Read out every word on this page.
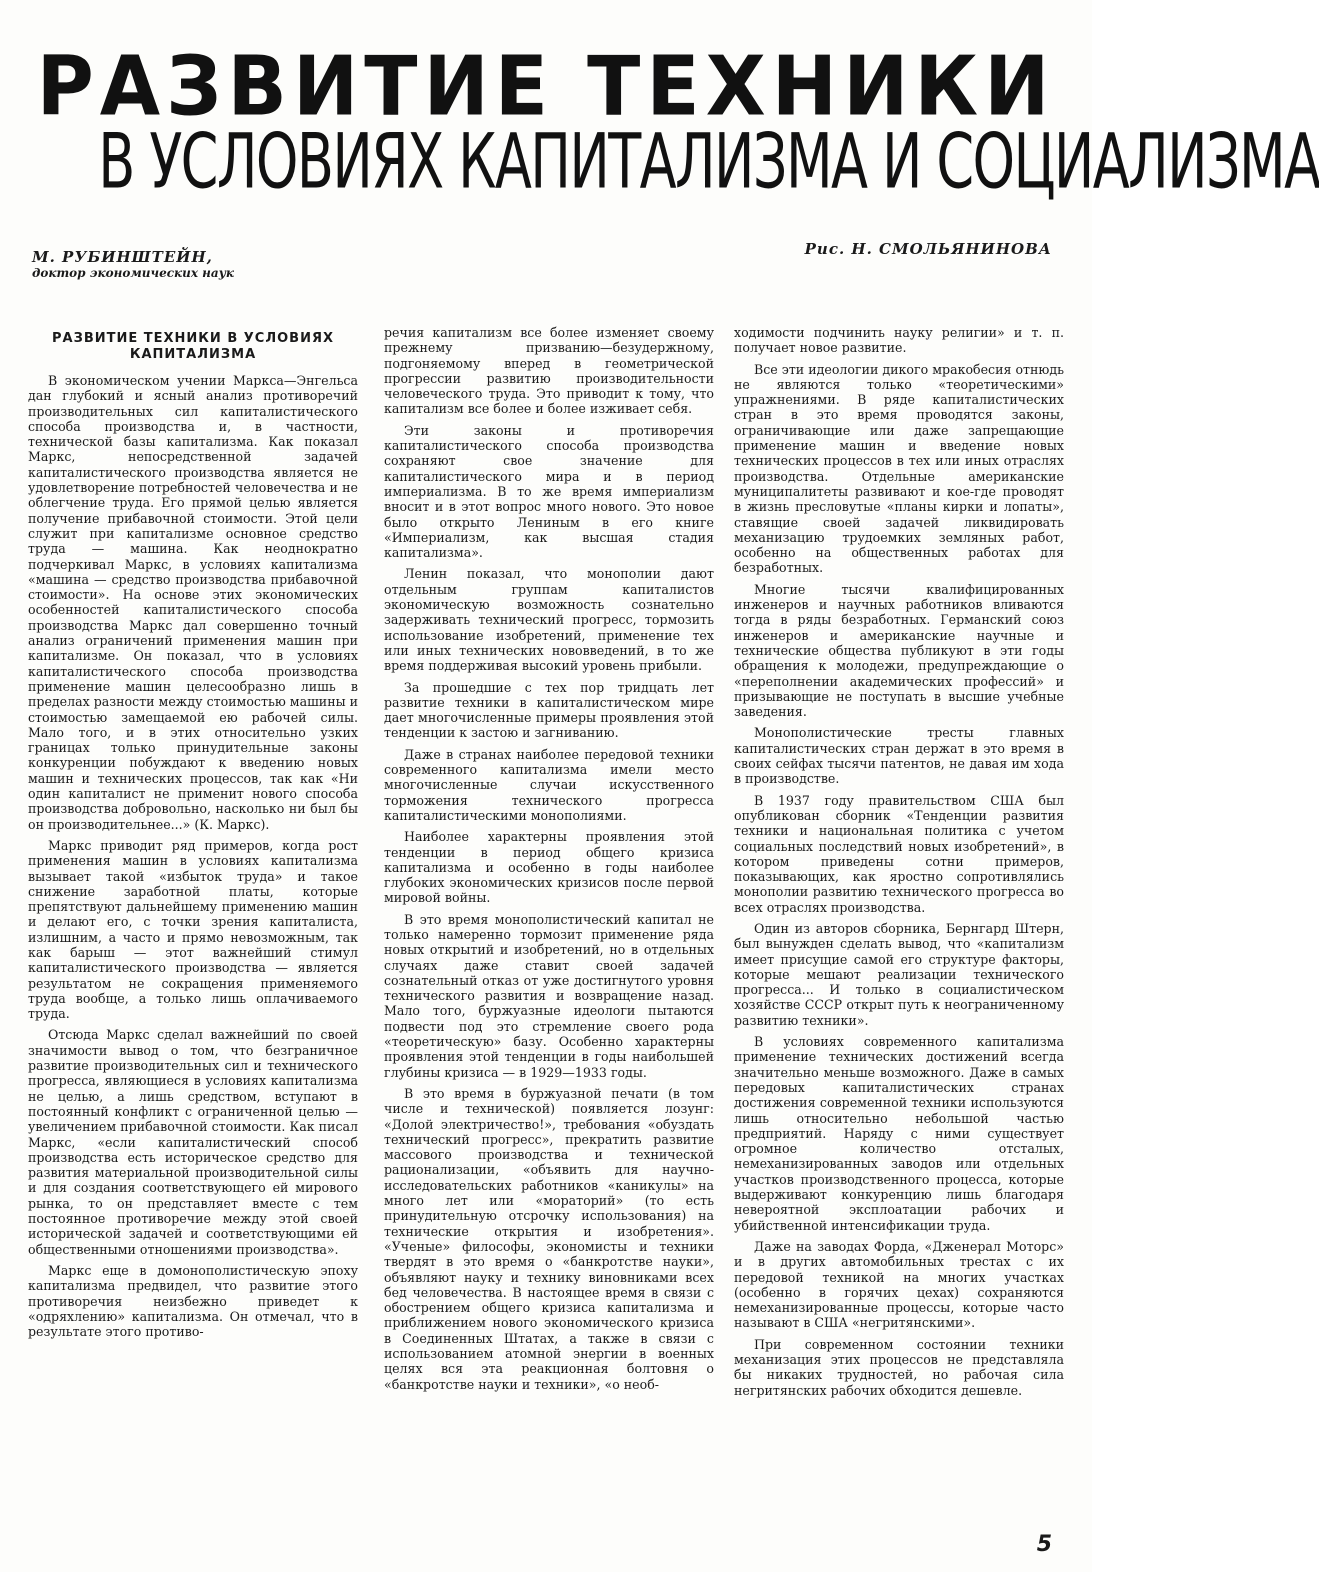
РАЗВИТИЕ ТЕХНИКИ
В УСЛОВИЯХ КАПИТАЛИЗМА И СОЦИАЛИЗМА
М. РУБИНШТЕЙН,
доктор экономических наук
Рис. Н. СМОЛЬЯНИНОВА
РАЗВИТИЕ ТЕХНИКИ В УСЛОВИЯХ КАПИТАЛИЗМА

В экономическом учении Маркса—Энгельса дан глубокий и ясный анализ противоречий производительных сил капиталистического способа производства и, в частности, технической базы капитализма. Как показал Маркс, непосредственной задачей капиталистического производства является не удовлетворение потребностей человечества и не облегчение труда. Его прямой целью является получение прибавочной стоимости. Этой цели служит при капитализме основное средство труда — машина. Как неоднократно подчеркивал Маркс, в условиях капитализма «машина — средство производства прибавочной стоимости». На основе этих экономических особенностей капиталистического способа производства Маркс дал совершенно точный анализ ограничений применения машин при капитализме. Он показал, что в условиях капиталистического способа производства применение машин целесообразно лишь в пределах разности между стоимостью машины и стоимостью замещаемой ею рабочей силы. Мало того, и в этих относительно узких границах только принудительные законы конкуренции побуждают к введению новых машин и технических процессов, так как «Ни один капиталист не применит нового способа производства добровольно, насколько ни был бы он производительнее...» (К. Маркс).

Маркс приводит ряд примеров, когда рост применения машин в условиях капитализма вызывает такой «избыток труда» и такое снижение заработной платы, которые препятствуют дальнейшему применению машин и делают его, с точки зрения капиталиста, излишним, а часто и прямо невозможным, так как барыш — этот важнейший стимул капиталистического производства — является результатом не сокращения применяемого труда вообще, а только лишь оплачиваемого труда.

Отсюда Маркс сделал важнейший по своей значимости вывод о том, что безграничное развитие производительных сил и технического прогресса, являющиеся в условиях капитализма не целью, а лишь средством, вступают в постоянный конфликт с ограниченной целью — увеличением прибавочной стоимости. Как писал Маркс, «если капиталистический способ производства есть историческое средство для развития материальной производительной силы и для создания соответствующего ей мирового рынка, то он представляет вместе с тем постоянное противоречие между этой своей исторической задачей и соответствующими ей общественными отношениями производства».

Маркс еще в домонополистическую эпоху капитализма предвидел, что развитие этого противоречия неизбежно приведет к «одряхлению» капитализма. Он отмечал, что в результате этого противо-

речия капитализм все более изменяет своему прежнему призванию—безудержному, подгоняемому вперед в геометрической прогрессии развитию производительности человеческого труда. Это приводит к тому, что капитализм все более и более изживает себя.

Эти законы и противоречия капиталистического способа производства сохраняют свое значение для капиталистического мира и в период империализма. В то же время империализм вносит и в этот вопрос много нового. Это новое было открыто Лениным в его книге «Империализм, как высшая стадия капитализма».

Ленин показал, что монополии дают отдельным группам капиталистов экономическую возможность сознательно задерживать технический прогресс, тормозить использование изобретений, применение тех или иных технических нововведений, в то же время поддерживая высокий уровень прибыли.

За прошедшие с тех пор тридцать лет развитие техники в капиталистическом мире дает многочисленные примеры проявления этой тенденции к застою и загниванию.

Даже в странах наиболее передовой техники современного капитализма имели место многочисленные случаи искусственного торможения технического прогресса капиталистическими монополиями.

Наиболее характерны проявления этой тенденции в период общего кризиса капитализма и особенно в годы наиболее глубоких экономических кризисов после первой мировой войны.

В это время монополистический капитал не только намеренно тормозит применение ряда новых открытий и изобретений, но в отдельных случаях даже ставит своей задачей сознательный отказ от уже достигнутого уровня технического развития и возвращение назад. Мало того, буржуазные идеологи пытаются подвести под это стремление своего рода «теоретическую» базу. Особенно характерны проявления этой тенденции в годы наибольшей глубины кризиса — в 1929—1933 годы.

В это время в буржуазной печати (в том числе и технической) появляется лозунг: «Долой электричество!», требования «обуздать технический прогресс», прекратить развитие массового производства и технической рационализации, «объявить для научно-исследовательских работников «каникулы» на много лет или «мораторий» (то есть принудительную отсрочку использования) на технические открытия и изобретения». «Ученые» философы, экономисты и техники твердят в это время о «банкротстве науки», объявляют науку и технику виновниками всех бед человечества. В настоящее время в связи с обострением общего кризиса капитализма и приближением нового экономического кризиса в Соединенных Штатах, а также в связи с использованием атомной энергии в военных целях вся эта реакционная болтовня о «банкротстве науки и техники», «о необ-

ходимости подчинить науку религии» и т. п. получает новое развитие.

Все эти идеологии дикого мракобесия отнюдь не являются только «теоретическими» упражнениями. В ряде капиталистических стран в это время проводятся законы, ограничивающие или даже запрещающие применение машин и введение новых технических процессов в тех или иных отраслях производства. Отдельные американские муниципалитеты развивают и кое-где проводят в жизнь пресловутые «планы кирки и лопаты», ставящие своей задачей ликвидировать механизацию трудоемких земляных работ, особенно на общественных работах для безработных.

Многие тысячи квалифицированных инженеров и научных работников вливаются тогда в ряды безработных. Германский союз инженеров и американские научные и технические общества публикуют в эти годы обращения к молодежи, предупреждающие о «переполнении академических профессий» и призывающие не поступать в высшие учебные заведения.

Монополистические тресты главных капиталистических стран держат в это время в своих сейфах тысячи патентов, не давая им хода в производстве.

В 1937 году правительством США был опубликован сборник «Тенденции развития техники и национальная политика с учетом социальных последствий новых изобретений», в котором приведены сотни примеров, показывающих, как яростно сопротивлялись монополии развитию технического прогресса во всех отраслях производства.

Один из авторов сборника, Бернгард Штерн, был вынужден сделать вывод, что «капитализм имеет присущие самой его структуре факторы, которые мешают реализации технического прогресса... И только в социалистическом хозяйстве СССР открыт путь к неограниченному развитию техники».

В условиях современного капитализма применение технических достижений всегда значительно меньше возможного. Даже в самых передовых капиталистических странах достижения современной техники используются лишь относительно небольшой частью предприятий. Наряду с ними существует огромное количество отсталых, немеханизированных заводов или отдельных участков производственного процесса, которые выдерживают конкуренцию лишь благодаря невероятной эксплоатации рабочих и убийственной интенсификации труда.

Даже на заводах Форда, «Дженерал Моторс» и в других автомобильных трестах с их передовой техникой на многих участках (особенно в горячих цехах) сохраняются немеханизированные процессы, которые часто называют в США «негритянскими».

При современном состоянии техники механизация этих процессов не представляла бы никаких трудностей, но рабочая сила негритянских рабочих обходится дешевле.

5
